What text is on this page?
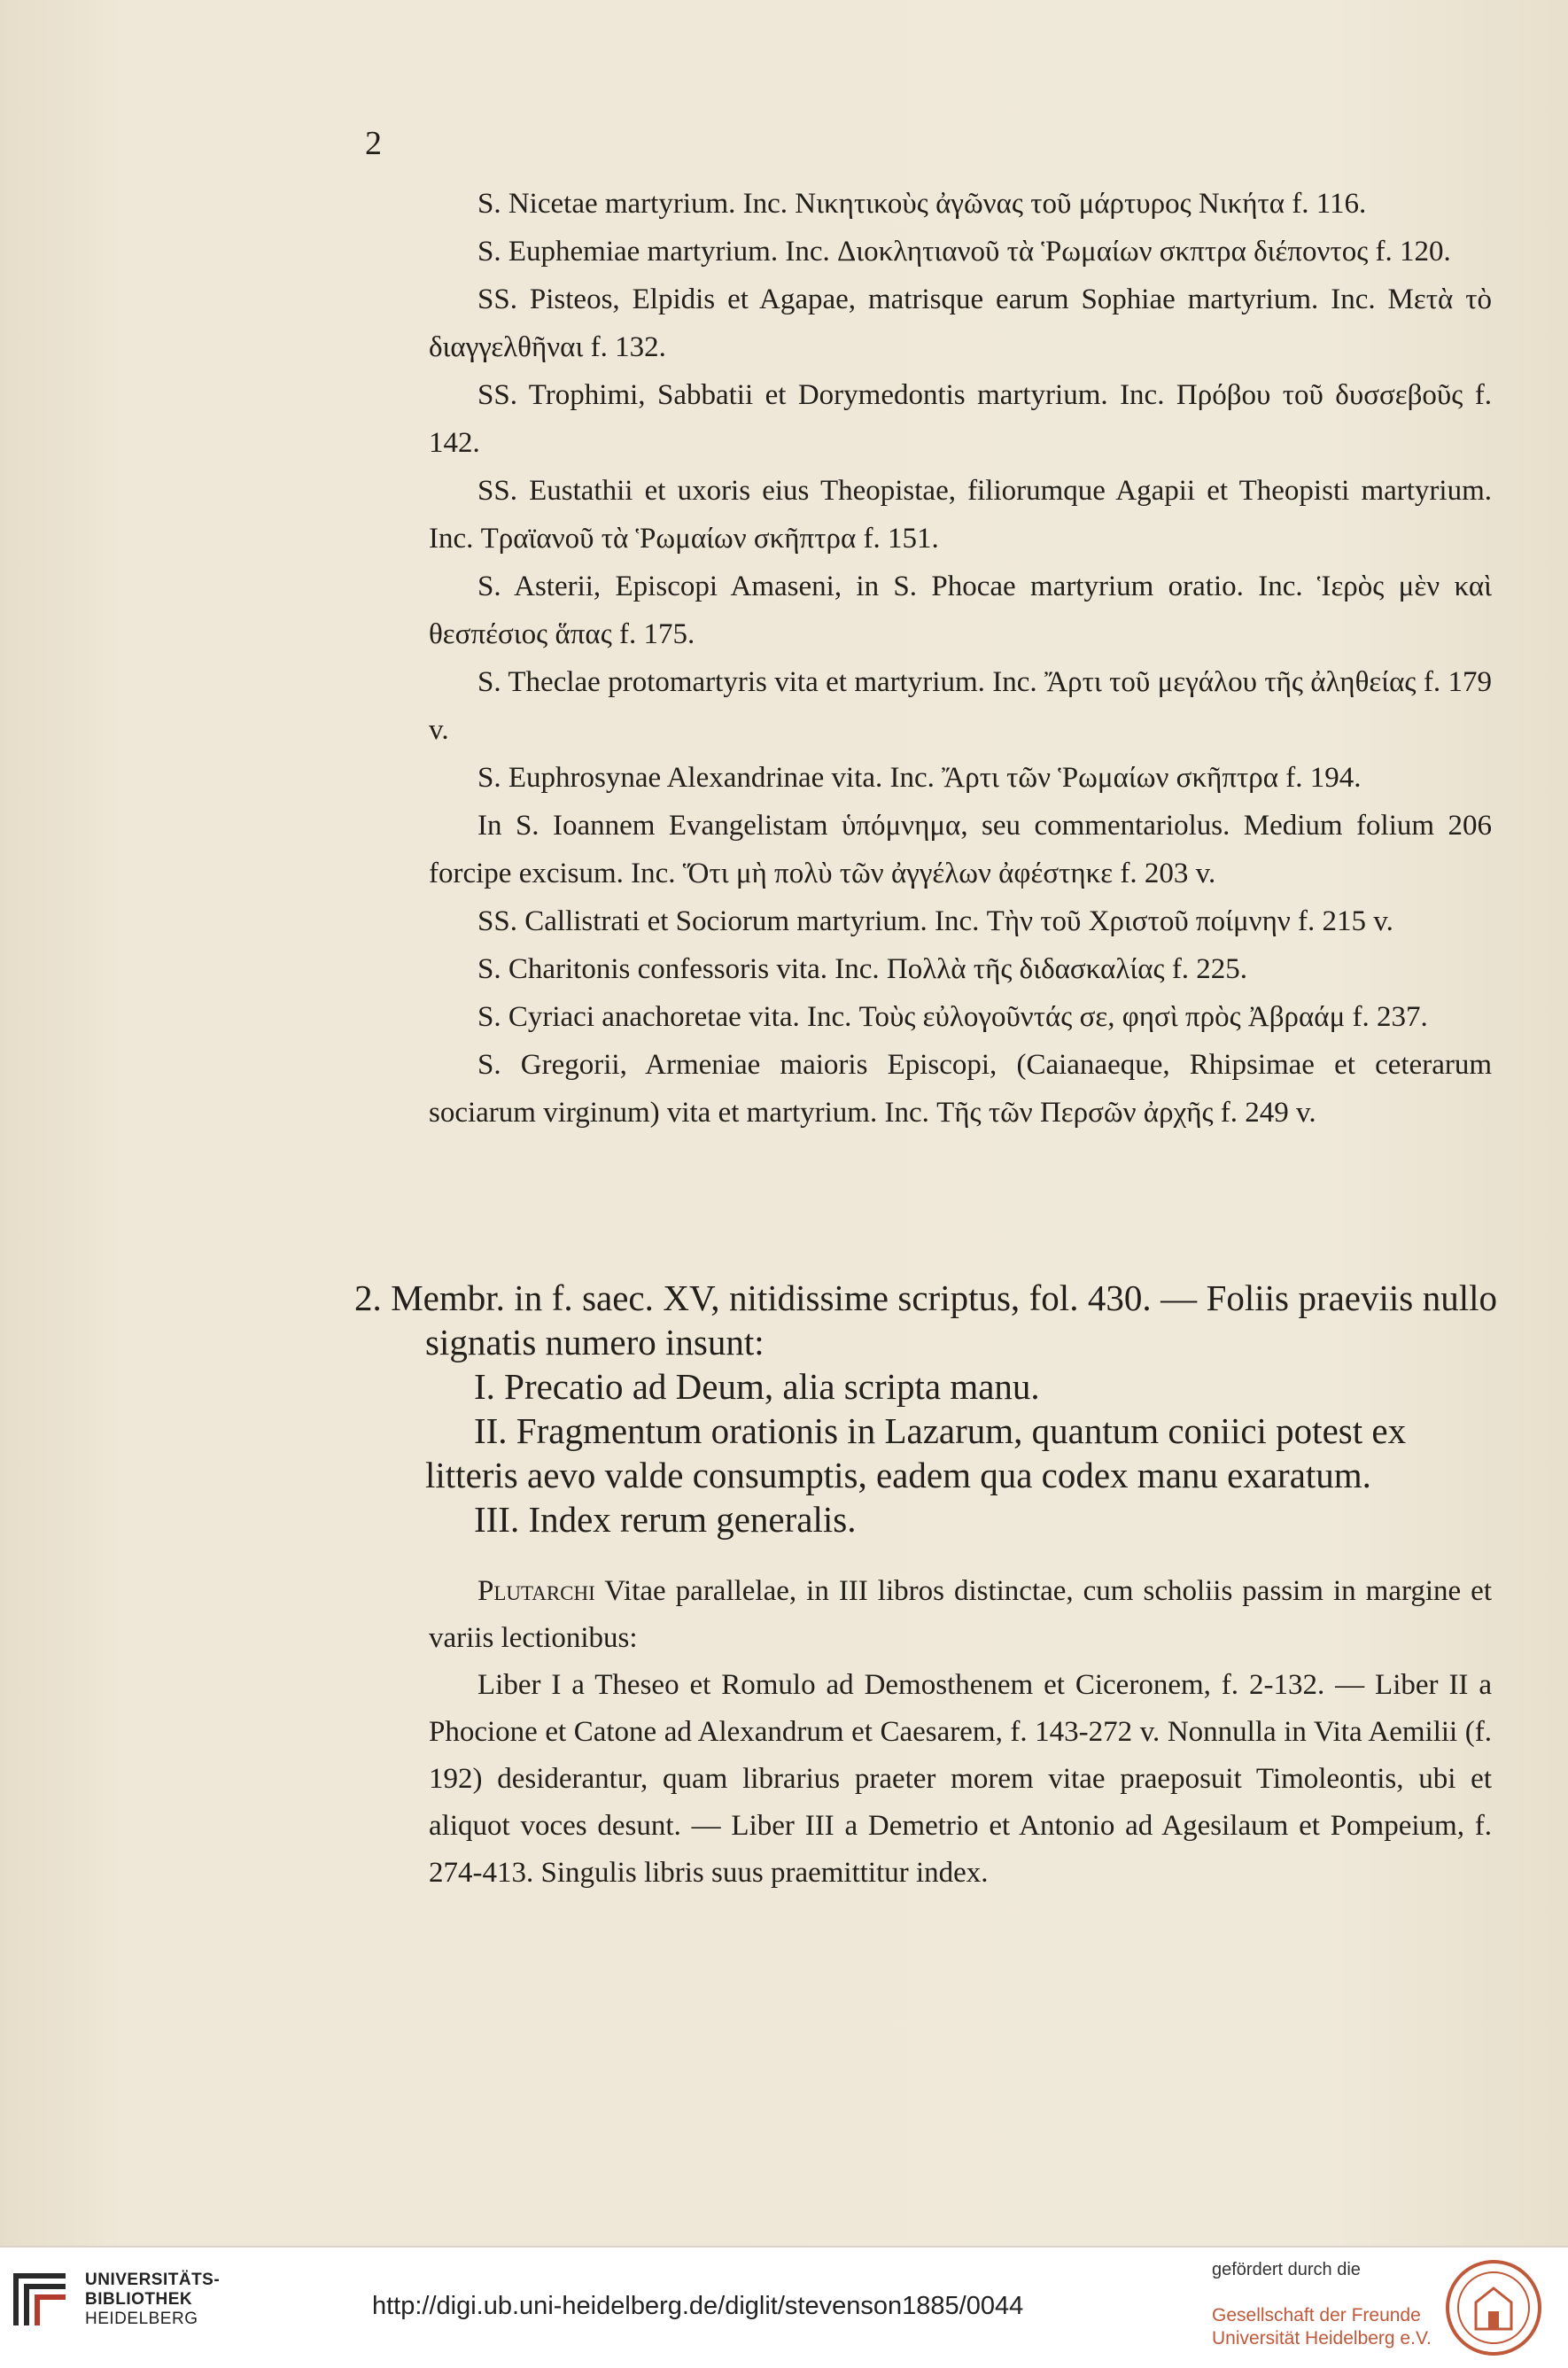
2

S. Nicetae martyrium. Inc. Νικητικοὺς ἀγῶνας τοῦ μάρτυρος Νικήτα f. 116.

S. Euphemiae martyrium. Inc. Διοκλητιανοῦ τὰ Ῥωμαίων σκπτρα διέποντος f. 120.

SS. Pisteos, Elpidis et Agapae, matrisque earum Sophiae martyrium. Inc. Μετὰ τὸ διαγγελθῆναι f. 132.

SS. Trophimi, Sabbatii et Dorymedontis martyrium. Inc. Πρόβου τοῦ δυσσεβοῦς f. 142.

SS. Eustathii et uxoris eius Theopistae, filiorumque Agapii et Theopisti martyrium. Inc. Τραϊανοῦ τὰ Ῥωμαίων σκῆπτρα f. 151.

S. Asterii, Episcopi Amaseni, in S. Phocae martyrium oratio. Inc. Ἱερὸς μὲν καὶ θεσπέσιος ἅπας f. 175.

S. Theclae protomartyris vita et martyrium. Inc. Ἄρτι τοῦ μεγάλου τῆς ἀληθείας f. 179 v.

S. Euphrosynae Alexandrinae vita. Inc. Ἄρτι τῶν Ῥωμαίων σκῆπτρα f. 194.

In S. Ioannem Evangelistam ὑπόμνημα, seu commentariolus. Medium folium 206 forcipe excisum. Inc. Ὅτι μὴ πολὺ τῶν ἀγγέλων ἀφέστηκε f. 203 v.

SS. Callistrati et Sociorum martyrium. Inc. Τὴν τοῦ Χριστοῦ ποίμνην f. 215 v.

S. Charitonis confessoris vita. Inc. Πολλὰ τῆς διδασκαλίας f. 225.

S. Cyriaci anachoretae vita. Inc. Τοὺς εὐλογοῦντάς σε, φησὶ πρὸς Ἀβραάμ f. 237.

S. Gregorii, Armeniae maioris Episcopi, (Caianaeque, Rhipsimae et ceterarum sociarum virginum) vita et martyrium. Inc. Τῆς τῶν Περσῶν ἀρχῆς f. 249 v.

2. Membr. in f. saec. XV, nitidissime scriptus, fol. 430. — Foliis praeviis nullo signatis numero insunt:

I. Precatio ad Deum, alia scripta manu.

II. Fragmentum orationis in Lazarum, quantum coniici potest ex litteris aevo valde consumptis, eadem qua codex manu exaratum.

III. Index rerum generalis.

Plutarchi Vitae parallelae, in III libros distinctae, cum scholiis passim in margine et variis lectionibus:

Liber I a Theseo et Romulo ad Demosthenem et Ciceronem, f. 2-132. — Liber II a Phocione et Catone ad Alexandrum et Caesarem, f. 143-272 v. Nonnulla in Vita Aemilii (f. 192) desiderantur, quam librarius praeter morem vitae praeposuit Timoleontis, ubi et aliquot voces desunt. — Liber III a Demetrio et Antonio ad Agesilaum et Pompeium, f. 274-413. Singulis libris suus praemittitur index.

UNIVERSITÄTS-
BIBLIOTHEK
HEIDELBERG	http://digi.ub.uni-heidelberg.de/diglit/stevenson1885/0044
gefördert durch die
Gesellschaft der Freunde
Universität Heidelberg e.V.
